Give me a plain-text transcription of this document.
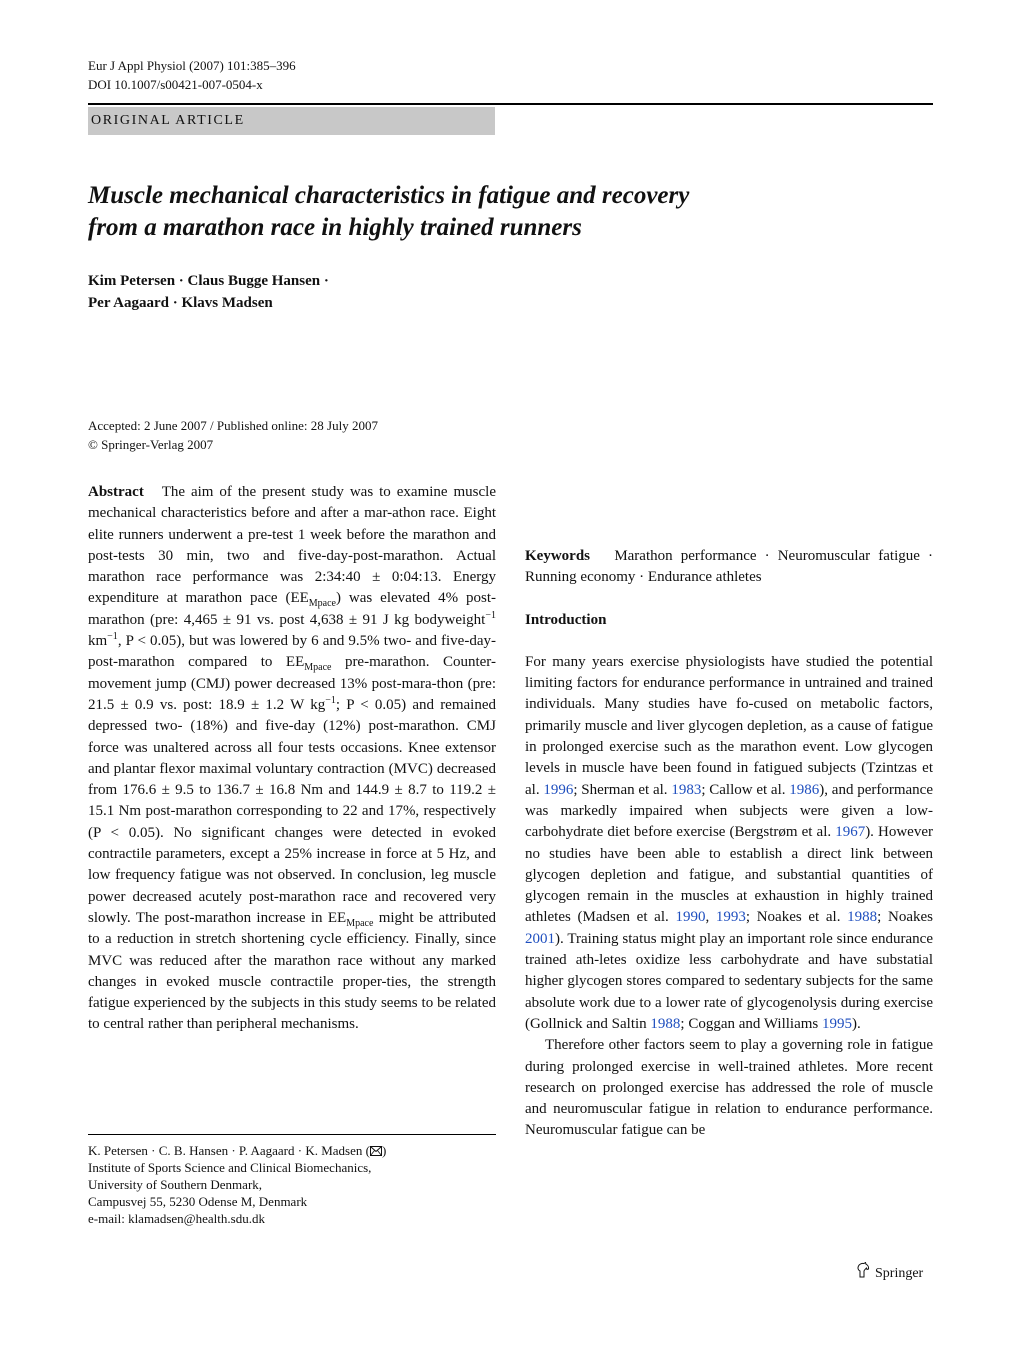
Eur J Appl Physiol (2007) 101:385–396
DOI 10.1007/s00421-007-0504-x
ORIGINAL ARTICLE
Muscle mechanical characteristics in fatigue and recovery
from a marathon race in highly trained runners
Kim Petersen · Claus Bugge Hansen ·
Per Aagaard · Klavs Madsen
Accepted: 2 June 2007 / Published online: 28 July 2007
© Springer-Verlag 2007

Abstract The aim of the present study was to examine muscle mechanical characteristics before and after a mar-athon race. Eight elite runners underwent a pre-test 1 week before the marathon and post-tests 30 min, two and five-day-post-marathon. Actual marathon race performance was 2:34:40 ± 0:04:13. Energy expenditure at marathon pace $(EE_{Mpace})$ was elevated 4% post-marathon (pre: 4,465 ± 91 vs. post 4,638 ± 91 J kg bodyweight$^{-1}$ $km^{-1}$, P < 0.05), but was lowered by 6 and 9.5% two- and five-day-post-marathon compared to $EE_{Mpace}$ pre-marathon. Counter-movement jump (CMJ) power decreased 13% post-mara-thon (pre: 21.5 ± 0.9 vs. post: 18.9 ± 1.2 W $kg^{-1}$; P < 0.05) and remained depressed two- (18%) and five-day (12%) post-marathon. CMJ force was unaltered across all four tests occasions. Knee extensor and plantar flexor maximal voluntary contraction (MVC) decreased from 176.6 ± 9.5 to 136.7 ± 16.8 Nm and 144.9 ± 8.7 to 119.2 ± 15.1 Nm post-marathon corresponding to 22 and 17%, respectively (P < 0.05). No significant changes were detected in evoked contractile parameters, except a 25% increase in force at 5 Hz, and low frequency fatigue was not observed. In conclusion, leg muscle power decreased acutely post-marathon race and recovered very slowly. The post-marathon increase in $EE_{Mpace}$ might be attributed to a reduction in stretch shortening cycle efficiency. Finally, since MVC was reduced after the marathon race without any marked changes in evoked muscle contractile proper-ties, the strength fatigue experienced by the subjects in this study seems to be related to central rather than peripheral mechanisms.

Keywords Marathon performance · Neuromuscular fatigue · Running economy · Endurance athletes
Introduction

For many years exercise physiologists have studied the potential limiting factors for endurance performance in untrained and trained individuals. Many studies have fo-cused on metabolic factors, primarily muscle and liver glycogen depletion, as a cause of fatigue in prolonged exercise such as the marathon event. Low glycogen levels in muscle have been found in fatigued subjects (Tzintzas et al. 1996; Sherman et al. 1983; Callow et al. 1986), and performance was markedly impaired when subjects were given a low-carbohydrate diet before exercise (Bergstrøm et al. 1967). However no studies have been able to establish a direct link between glycogen depletion and fatigue, and substantial quantities of glycogen remain in the muscles at exhaustion in highly trained athletes (Madsen et al. 1990, 1993; Noakes et al. 1988; Noakes 2001). Training status might play an important role since endurance trained ath-letes oxidize less carbohydrate and have substatial higher glycogen stores compared to sedentary subjects for the same absolute work due to a lower rate of glycogenolysis during exercise (Gollnick and Saltin 1988; Coggan and Williams 1995).

Therefore other factors seem to play a governing role in fatigue during prolonged exercise in well-trained athletes. More recent research on prolonged exercise has addressed the role of muscle and neuromuscular fatigue in relation to endurance performance. Neuromuscular fatigue can be

K. Petersen · C. B. Hansen · P. Aagaard · K. Madsen ( )
Institute of Sports Science and Clinical Biomechanics,
University of Southern Denmark,
Campusvej 55, 5230 Odense M, Denmark
e-mail: klamadsen@health.sdu.dk
Springer
